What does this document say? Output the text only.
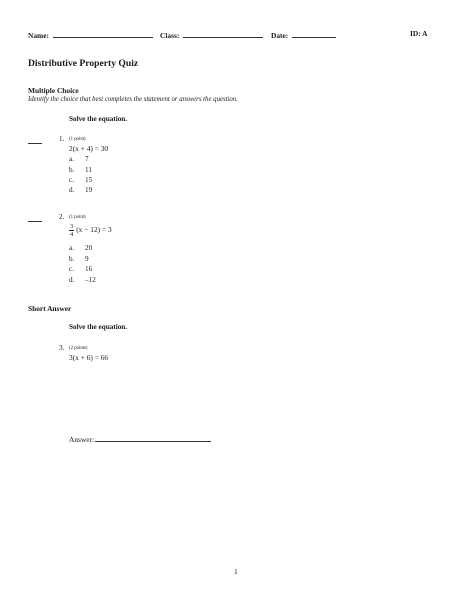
Name:	Class:	Date:	ID: A
Distributive Property Quiz
Multiple Choice
Identify the choice that best completes the statement or answers the question.
Solve the equation.
1. (1 point)
2(x + 4) = 30
a. 7
b. 11
c. 15
d. 19
2. (1 point)
$\frac{3}{4} (x - 12) = 3$
a. 20
b. 9
c. 16
d. –12
Short Answer
Solve the equation.
3. (2 points)
3(x + 6) = 66
Answer:
1
